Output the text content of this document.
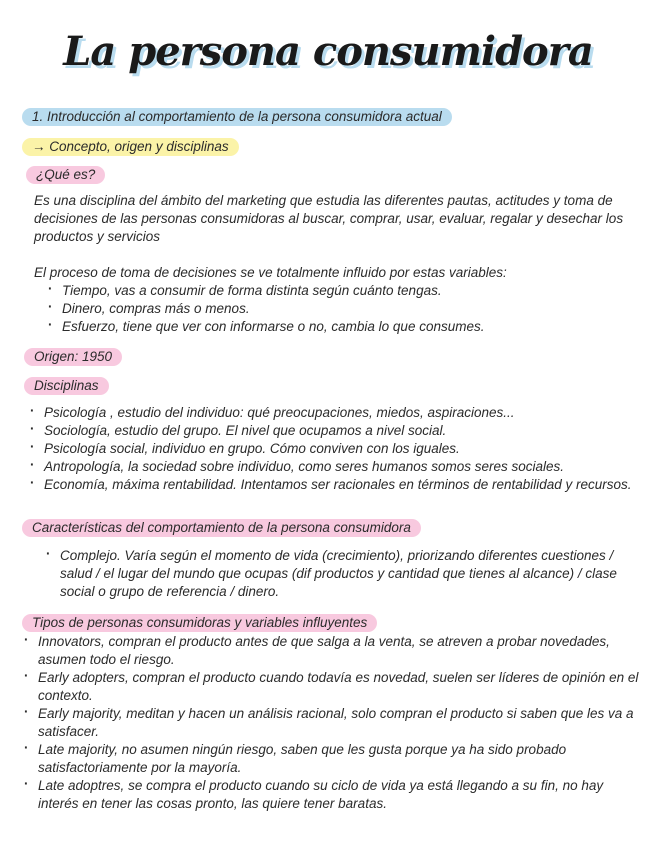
La persona consumidora
1. Introducción al comportamiento de la persona consumidora actual
→ Concepto, origen y disciplinas
¿Qué es?

Es una disciplina del ámbito del marketing que estudia las diferentes pautas, actitudes y toma de decisiones de las personas consumidoras al buscar, comprar, usar, evaluar, regalar y desechar los productos y servicios

El proceso de toma de decisiones se ve totalmente influido por estas variables:

· Tiempo, vas a consumir de forma distinta según cuánto tengas.
· Dinero, compras más o menos.
· Esfuerzo, tiene que ver con informarse o no, cambia lo que consumes.
Origen: 1950
Disciplinas
· Psicología , estudio del individuo: qué preocupaciones, miedos, aspiraciones...
· Sociología, estudio del grupo. El nivel que ocupamos a nivel social.
· Psicología social, individuo en grupo. Cómo conviven con los iguales.
· Antropología, la sociedad sobre individuo, como seres humanos somos seres sociales.
· Economía, máxima rentabilidad. Intentamos ser racionales en términos de rentabilidad y recursos.
Características del comportamiento de la persona consumidora
· Complejo. Varía según el momento de vida (crecimiento), priorizando diferentes cuestiones / salud / el lugar del mundo que ocupas (dif productos y cantidad que tienes al alcance) / clase social o grupo de referencia / dinero.
Tipos de personas consumidoras y variables influyentes
· Innovators, compran el producto antes de que salga a la venta, se atreven a probar novedades, asumen todo el riesgo.
· Early adopters, compran el producto cuando todavía es novedad, suelen ser líderes de opinión en el contexto.
· Early majority, meditan y hacen un análisis racional, solo compran el producto si saben que les va a satisfacer.
· Late majority, no asumen ningún riesgo, saben que les gusta porque ya ha sido probado satisfactoriamente por la mayoría.
· Late adoptres, se compra el producto cuando su ciclo de vida ya está llegando a su fin, no hay interés en tener las cosas pronto, las quiere tener baratas.
